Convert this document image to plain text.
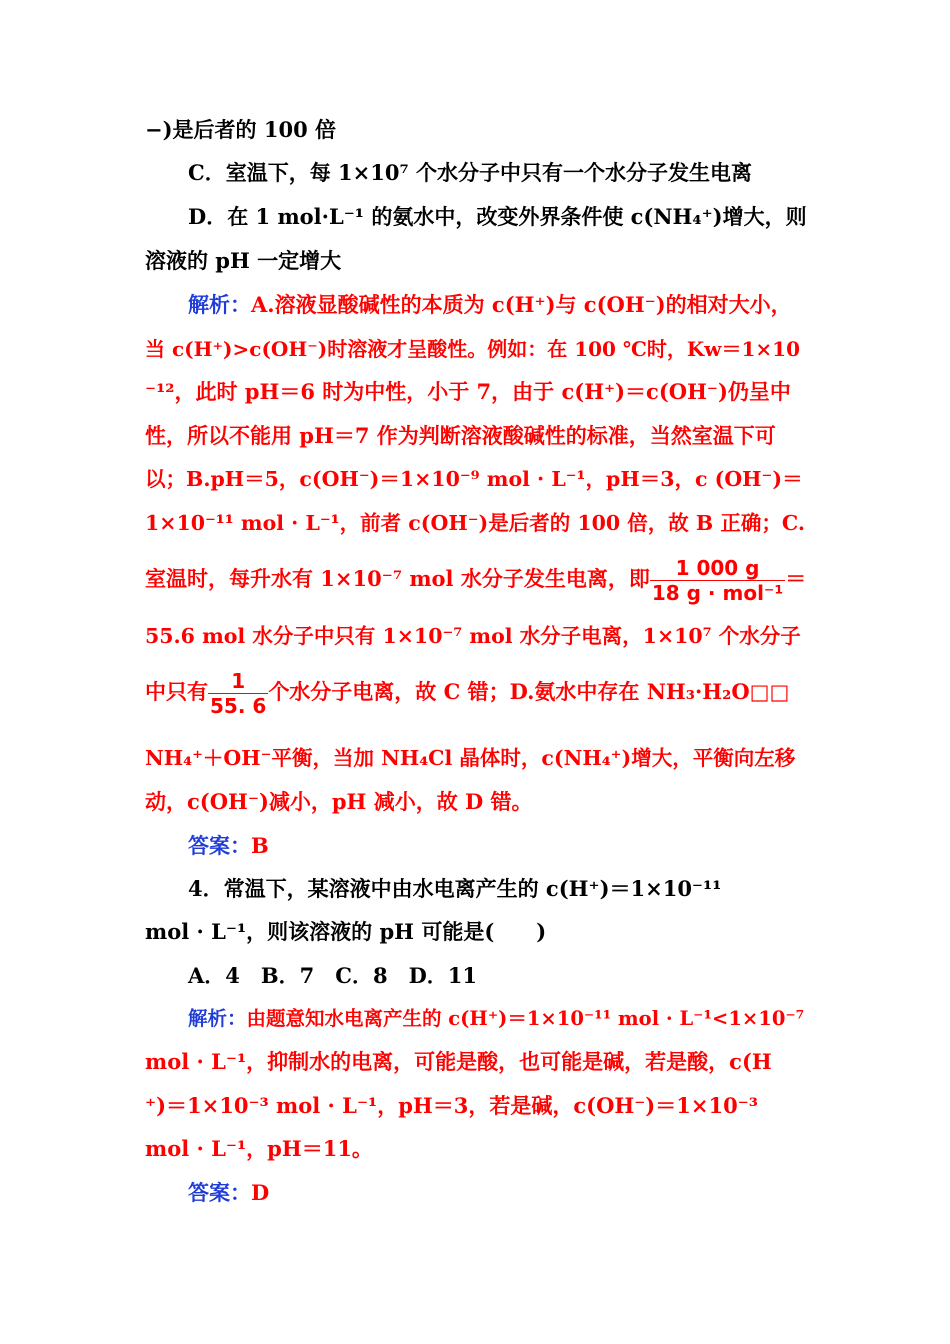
−)是后者的 100 倍
C．室温下，每 1×10⁷ 个水分子中只有一个水分子发生电离
D．在 1 mol·L⁻¹ 的氨水中，改变外界条件使 c(NH₄⁺)增大，则
溶液的 pH 一定增大
解析：A.溶液显酸碱性的本质为 c(H⁺)与 c(OH⁻)的相对大小，
当 c(H⁺)>c(OH⁻)时溶液才呈酸性。例如：在 100 ℃时，Kw＝1×10
⁻¹²，此时 pH＝6 时为中性，小于 7，由于 c(H⁺)＝c(OH⁻)仍呈中
性，所以不能用 pH＝7 作为判断溶液酸碱性的标准，当然室温下可
以；B.pH＝5，c(OH⁻)＝1×10⁻⁹ mol · L⁻¹，pH＝3，c (OH⁻)＝
1×10⁻¹¹ mol · L⁻¹，前者 c(OH⁻)是后者的 100 倍，故 B 正确；C.
室温时，每升水有 1×10⁻⁷ mol 水分子发生电离，即 $\frac{1 000 g}{\text{18 g · mol⁻¹}}$ ＝
55.6 mol 水分子中只有 1×10⁻⁷ mol 水分子电离，1×10⁷ 个水分子
中只有 $\frac{1}{55. 6}$ 个水分子电离，故 C 错；D.氨水中存在 NH₃·H₂O□□
NH₄⁺＋OH⁻平衡，当加 NH₄Cl 晶体时，c(NH₄⁺)增大，平衡向左移
动，c(OH⁻)减小，pH 减小，故 D 错。
答案：B
4．常温下，某溶液中由水电离产生的 c(H⁺)＝1×10⁻¹¹
mol · L⁻¹，则该溶液的 pH 可能是(　　)
A．4　B．7　C．8　D．11
解析：由题意知水电离产生的 c(H⁺)＝1×10⁻¹¹ mol · L⁻¹<1×10⁻⁷
mol · L⁻¹，抑制水的电离，可能是酸，也可能是碱，若是酸，c(H
⁺)＝1×10⁻³ mol · L⁻¹，pH＝3，若是碱，c(OH⁻)＝1×10⁻³
mol · L⁻¹，pH＝11。
答案：D
